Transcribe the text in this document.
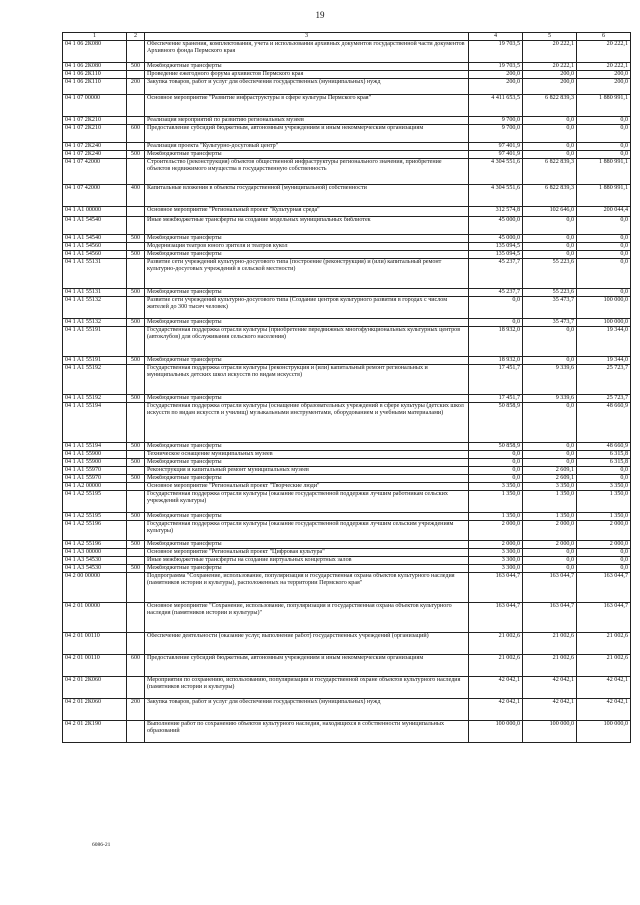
19
1	2	3	4	5	6
04 1 06 2К080		Обеспечение хранения, комплектования, учета и использования архивных документов государственной части документов Архивного фонда Пермского края	19 703,5	20 222,1	20 222,1
04 1 06 2К080	500	Межбюджетные трансферты	19 703,5	20 222,1	20 222,1
04 1 06 2К110		Проведение ежегодного форума архивистов Пермского края	200,0	200,0	200,0
04 1 06 2К110	200	Закупка товаров, работ и услуг для обеспечения государственных (муниципальных) нужд	200,0	200,0	200,0
04 1 07 00000		Основное мероприятие "Развитие инфраструктуры в сфере культуры Пермского края"	4 411 653,5	6 822 839,3	1 880 991,1
04 1 07 2К210		Реализация мероприятий по развитию региональных музеев	9 700,0	0,0	0,0
04 1 07 2К210	600	Предоставление субсидий бюджетным, автономным учреждениям и иным некоммерческим организациям	9 700,0	0,0	0,0
04 1 07 2К240		Реализация проекта "Культурно-досуговый центр"	97 401,9	0,0	0,0
04 1 07 2К240	500	Межбюджетные трансферты	97 401,9	0,0	0,0
04 1 07 42000		Строительство (реконструкция) объектов общественной инфраструктуры регионального значения, приобретение объектов недвижимого имущества в государственную собственность	4 304 551,6	6 822 839,3	1 880 991,1
04 1 07 42000	400	Капитальные вложения в объекты государственной (муниципальной) собственности	4 304 551,6	6 822 839,3	1 880 991,1
04 1 A1 00000		Основное мероприятие "Региональный проект "Культурная среда"	312 574,8	102 646,0	200 044,4
04 1 A1 54540		Иные межбюджетные трансферты на создание модельных муниципальных библиотек	45 000,0	0,0	0,0
04 1 A1 54540	500	Межбюджетные трансферты	45 000,0	0,0	0,0
04 1 A1 54560		Модернизация театров юного зрителя и театров кукол	135 094,5	0,0	0,0
04 1 A1 54560	500	Межбюджетные трансферты	135 094,5	0,0	0,0
04 1 A1 55131		Развитие сети учреждений культурно-досугового типа (построение (реконструкция) и (или) капитальный ремонт культурно-досуговых учреждений в сельской местности)	45 237,7	55 223,6	0,0
04 1 A1 55131	500	Межбюджетные трансферты	45 237,7	55 223,6	0,0
04 1 A1 55132		Развитие сети учреждений культурно-досугового типа (Создание центров культурного развития в городах с числом жителей до 300 тысяч человек)	0,0	35 473,7	100 000,0
04 1 A1 55132	500	Межбюджетные трансферты	0,0	35 473,7	100 000,0
04 1 A1 55191		Государственная поддержка отрасли культуры (приобретение передвижных многофункциональных культурных центров (автоклубов) для обслуживания сельского населения)	18 932,0	0,0	19 344,0
04 1 A1 55191	500	Межбюджетные трансферты	18 932,0	0,0	19 344,0
04 1 A1 55192		Государственная поддержка отрасли культуры (реконструкция и (или) капитальный ремонт региональных и муниципальных детских школ искусств по видам искусств)	17 451,7	9 339,6	25 723,7
04 1 A1 55192	500	Межбюджетные трансферты	17 451,7	9 339,6	25 723,7
04 1 A1 55194		Государственная поддержка отрасли культуры (оснащение образовательных учреждений в сфере культуры (детских школ искусств по видам искусств и училищ) музыкальными инструментами, оборудованием и учебными материалами)	50 858,9	0,0	48 660,9
04 1 A1 55194	500	Межбюджетные трансферты	50 858,9	0,0	48 660,9
04 1 A1 55900		Техническое оснащение муниципальных музеев	0,0	0,0	6 315,8
04 1 A1 55900	500	Межбюджетные трансферты	0,0	0,0	6 315,8
04 1 A1 55970		Реконструкция и капитальный ремонт муниципальных музеев	0,0	2 609,1	0,0
04 1 A1 55970	500	Межбюджетные трансферты	0,0	2 609,1	0,0
04 1 A2 00000		Основное мероприятие "Региональный проект "Творческие люди"	3 350,0	3 350,0	3 350,0
04 1 A2 55195		Государственная поддержка отрасли культуры (оказание государственной поддержки лучшим работникам сельских учреждений культуры)	1 350,0	1 350,0	1 350,0
04 1 A2 55195	500	Межбюджетные трансферты	1 350,0	1 350,0	1 350,0
04 1 A2 55196		Государственная поддержка отрасли культуры (оказание государственной поддержки лучшим сельским учреждениям культуры)	2 000,0	2 000,0	2 000,0
04 1 A2 55196	500	Межбюджетные трансферты	2 000,0	2 000,0	2 000,0
04 1 A3 00000		Основное мероприятие "Региональный проект "Цифровая культура"	3 300,0	0,0	0,0
04 1 A3 54530		Иные межбюджетные трансферты на создание виртуальных концертных залов	3 300,0	0,0	0,0
04 1 A3 54530	500	Межбюджетные трансферты	3 300,0	0,0	0,0
04 2 00 00000		Подпрограмма "Сохранение, использование, популяризация и государственная охрана объектов культурного наследия (памятников истории и культуры), расположенных на территории Пермского края"	163 044,7	163 044,7	163 044,7
04 2 01 00000		Основное мероприятие "Сохранение, использование, популяризация и государственная охрана объектов культурного наследия (памятников истории и культуры)"	163 044,7	163 044,7	163 044,7
04 2 01 00110		Обеспечение деятельности (оказание услуг, выполнение работ) государственных учреждений (организаций)	21 002,6	21 002,6	21 002,6
04 2 01 00110	600	Предоставление субсидий бюджетным, автономным учреждениям и иным некоммерческим организациям	21 002,6	21 002,6	21 002,6
04 2 01 2К060		Мероприятия по сохранению, использованию, популяризации и государственной охране объектов культурного наследия (памятников истории и культуры)	42 042,1	42 042,1	42 042,1
04 2 01 2К060	200	Закупка товаров, работ и услуг для обеспечения государственных (муниципальных) нужд	42 042,1	42 042,1	42 042,1
04 2 01 2К190		Выполнение работ по сохранению объектов культурного наследия, находящихся в собственности муниципальных образований	100 000,0	100 000,0	100 000,0
6086-21
